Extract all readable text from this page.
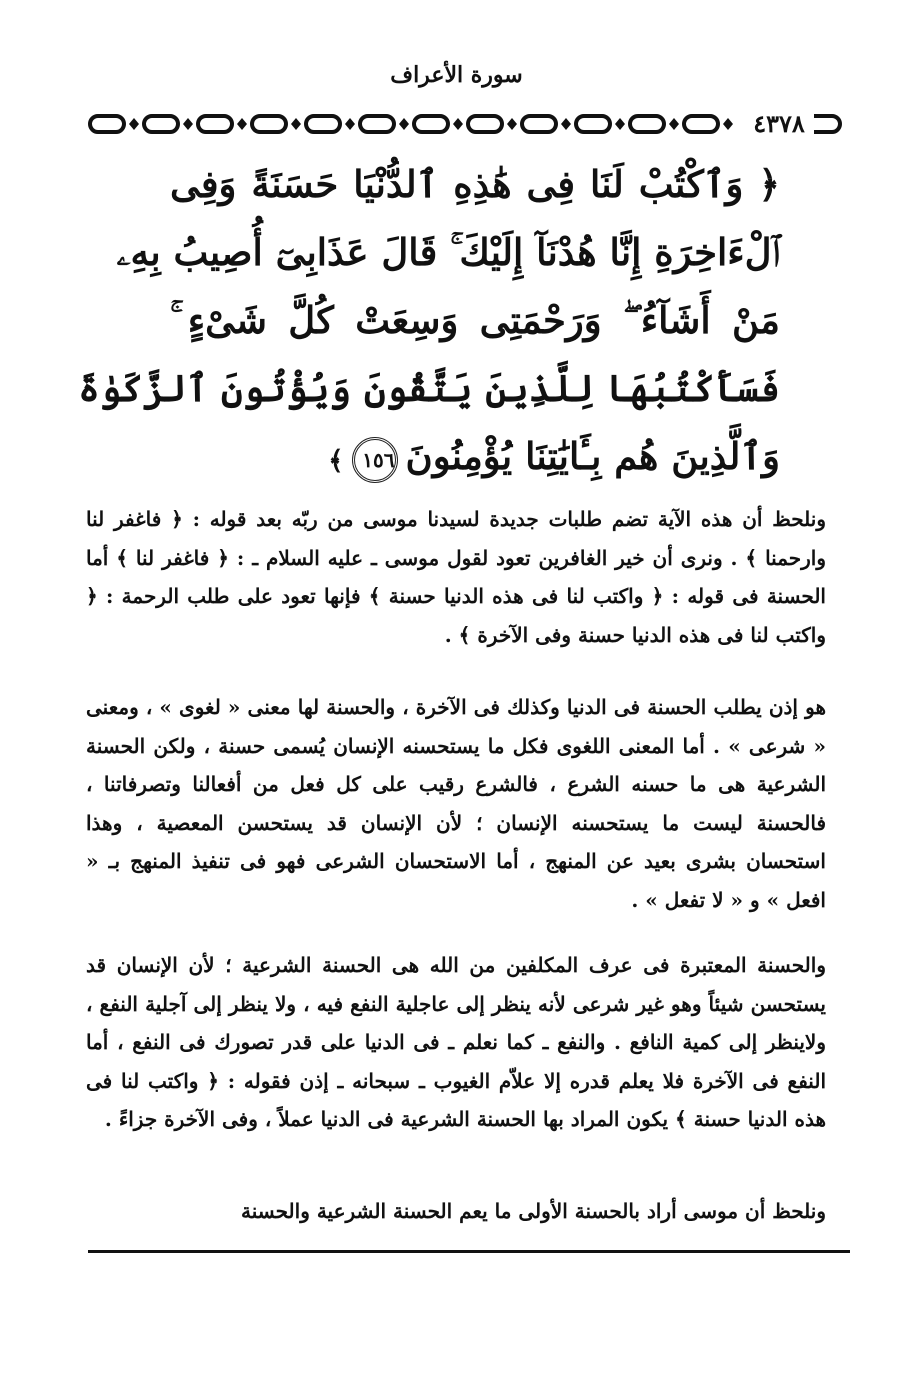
سورة الأعراف
٤٣٧٨
﴿ وَٱكْتُبْ لَنَا فِى هَٰذِهِ ٱلدُّنْيَا حَسَنَةً وَفِى
ٱلْءَاخِرَةِ إِنَّا هُدْنَآ إِلَيْكَ ۚ قَالَ عَذَابِىٓ أُصِيبُ بِهِۦ
مَنْ أَشَآءُ ۖ وَرَحْمَتِى وَسِعَتْ كُلَّ شَىْءٍ ۚ
فَسَأَكْتُبُهَا لِلَّذِينَ يَتَّقُونَ وَيُؤْتُونَ ٱلزَّكَوٰةَ
وَٱلَّذِينَ هُم بِـَٔايَٰتِنَا يُؤْمِنُونَ١٥٦﴾
ونلحظ أن هذه الآية تضم طلبات جديدة لسيدنا موسى من ربّه بعد قوله : ﴿ فاغفر لنا وارحمنا ﴾ . ونرى أن خير الغافرين تعود لقول موسى ـ عليه السلام ـ : ﴿ فاغفر لنا ﴾ أما الحسنة فى قوله : ﴿ واكتب لنا فى هذه الدنيا حسنة ﴾ فإنها تعود على طلب الرحمة : ﴿ واكتب لنا فى هذه الدنيا حسنة وفى الآخرة ﴾ .
هو إذن يطلب الحسنة فى الدنيا وكذلك فى الآخرة ، والحسنة لها معنى « لغوى » ، ومعنى « شرعى » . أما المعنى اللغوى فكل ما يستحسنه الإنسان يُسمى حسنة ، ولكن الحسنة الشرعية هى ما حسنه الشرع ، فالشرع رقيب على كل فعل من أفعالنا وتصرفاتنا ، فالحسنة ليست ما يستحسنه الإنسان ؛ لأن الإنسان قد يستحسن المعصية ، وهذا استحسان بشرى بعيد عن المنهج ، أما الاستحسان الشرعى فهو فى تنفيذ المنهج بـ « افعل » و « لا تفعل » .
والحسنة المعتبرة فى عرف المكلفين من الله هى الحسنة الشرعية ؛ لأن الإنسان قد يستحسن شيئاً وهو غير شرعى لأنه ينظر إلى عاجلية النفع فيه ، ولا ينظر إلى آجلية النفع ، ولاينظر إلى كمية النافع . والنفع ـ كما نعلم ـ فى الدنيا على قدر تصورك فى النفع ، أما النفع فى الآخرة فلا يعلم قدره إلا علاّم الغيوب ـ سبحانه ـ إذن فقوله : ﴿ واكتب لنا فى هذه الدنيا حسنة ﴾ يكون المراد بها الحسنة الشرعية فى الدنيا عملاً ، وفى الآخرة جزاءً .
ونلحظ أن موسى أراد بالحسنة الأولى ما يعم الحسنة الشرعية والحسنة
